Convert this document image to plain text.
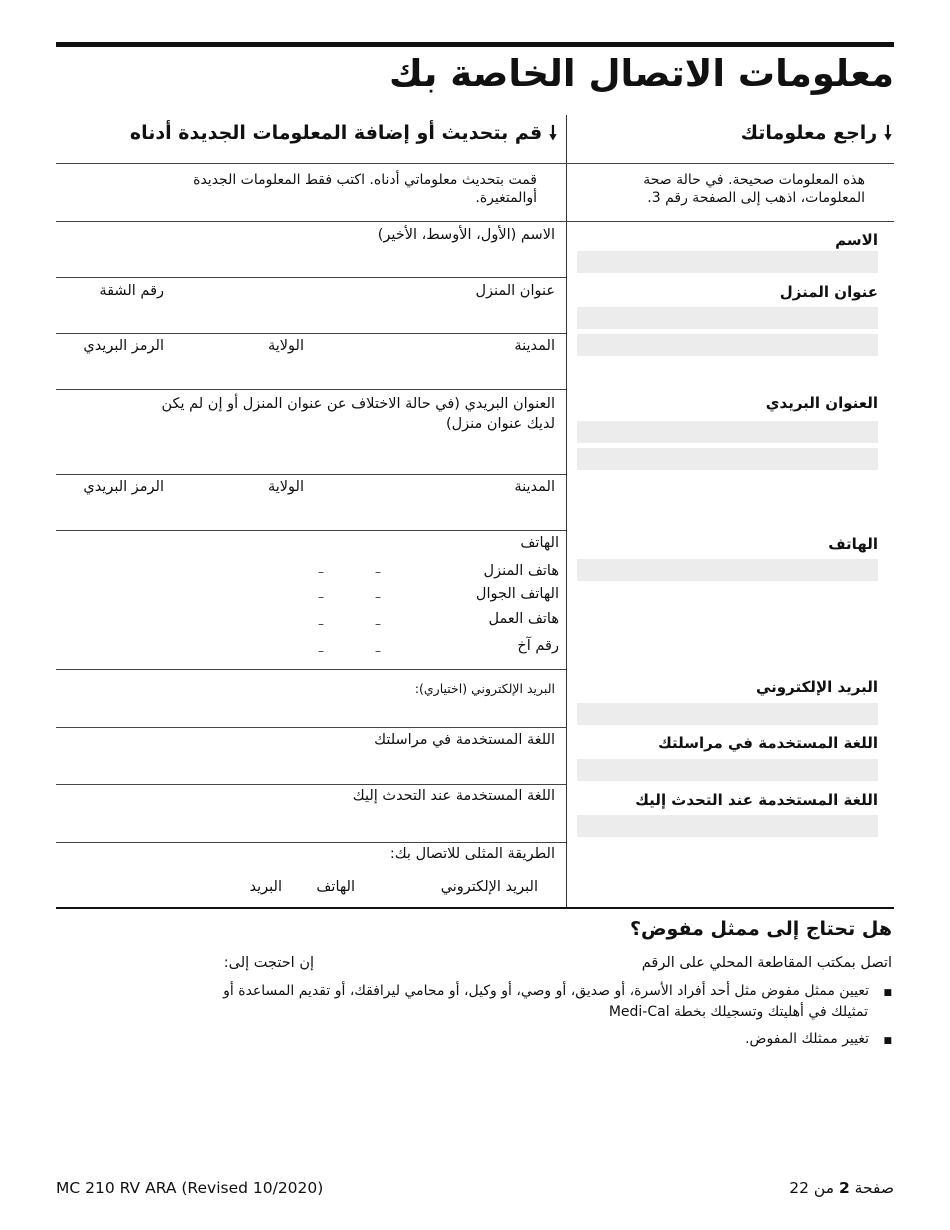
معلومات الاتصال الخاصة بك
🠗 راجع معلوماتك
🠗 قم بتحديث أو إضافة المعلومات الجديدة أدناه
هذه المعلومات صحيحة. في حالة صحة
المعلومات، اذهب إلى الصفحة رقم 3.
قمت بتحديث معلوماتي أدناه. اكتب فقط المعلومات الجديدة
أوالمتغيرة.
الاسم
عنوان المنزل
العنوان البريدي
الهاتف
البريد الإلكتروني
اللغة المستخدمة في مراسلتك
اللغة المستخدمة عند التحدث إليك
الاسم (الأول، الأوسط، الأخير)
عنوان المنزل
رقم الشقة
المدينة
الولاية
الرمز البريدي
العنوان البريدي (في حالة الاختلاف عن عنوان المنزل أو إن لم يكن
لديك عنوان منزل)
المدينة
الولاية
الرمز البريدي
الهاتف
هاتف المنزل
–
–
الهاتف الجوال
–
–
هاتف العمل
–
–
رقم آخ
–
–
البريد الإلكتروني (اختياري):
اللغة المستخدمة في مراسلتك
اللغة المستخدمة عند التحدث إليك
الطريقة المثلى للاتصال بك:
البريد الإلكتروني
الهاتف
البريد
هل تحتاج إلى ممثل مفوض؟
اتصل بمكتب المقاطعة المحلي على الرقم
إن احتجت إلى:
■ تعيين ممثل مفوض مثل أحد أفراد الأسرة، أو صديق، أو وصي، أو وكيل، أو محامي ليرافقك، أو تقديم المساعدة أو
تمثيلك في أهليتك وتسجيلك بخطة Medi-Cal
■ تغيير ممثلك المفوض.
MC 210 RV ARA (Revised 10/2020)	صفحة 2 من 22
